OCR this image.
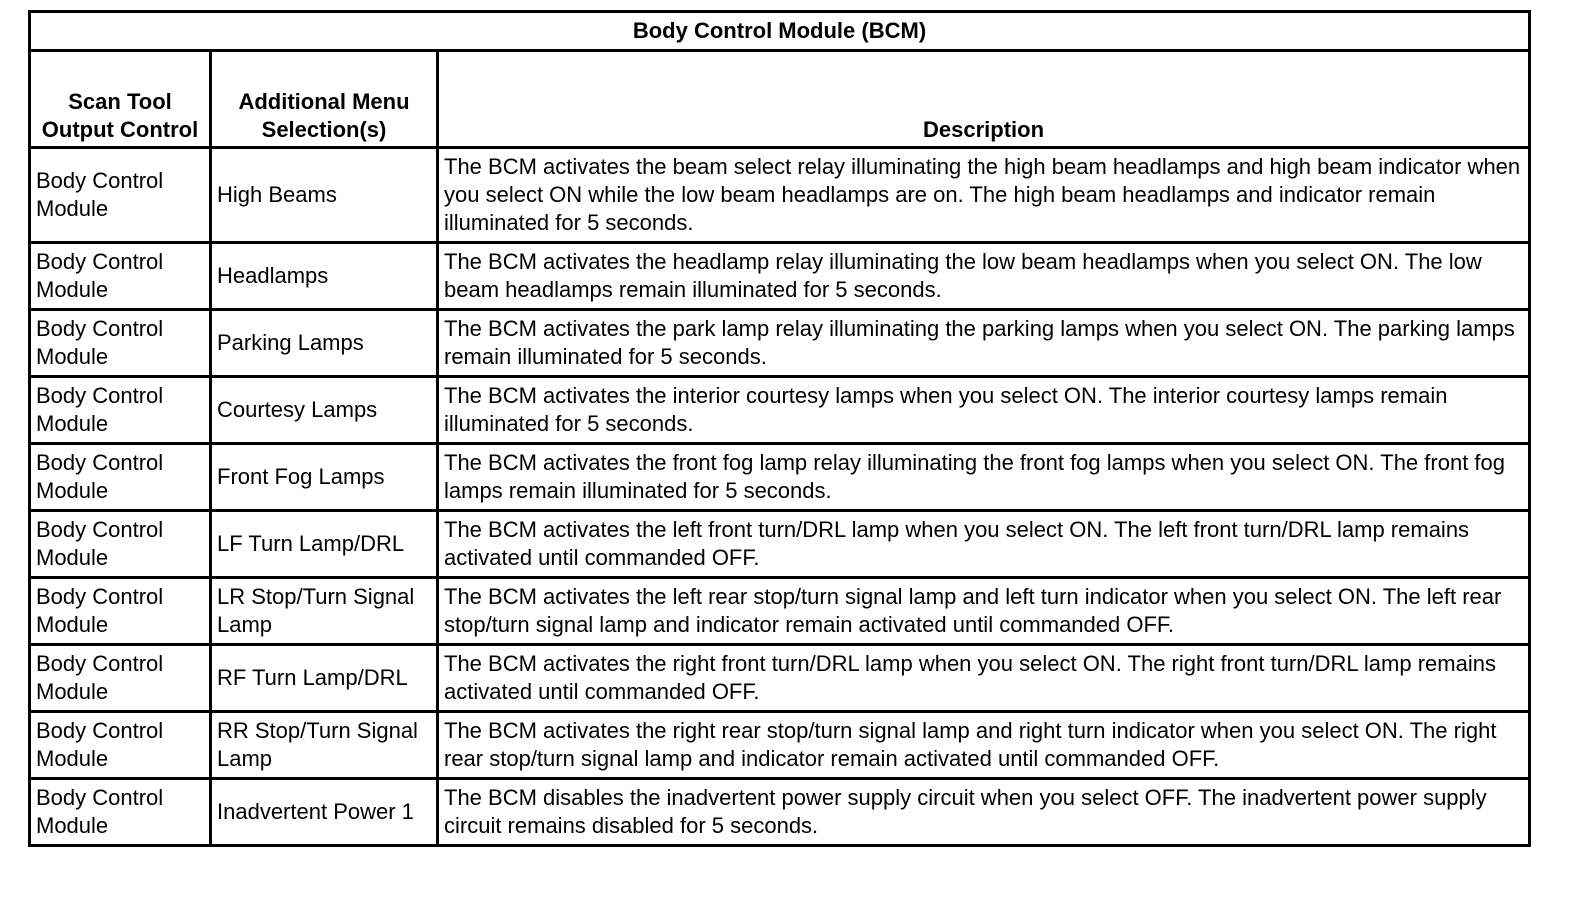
Body Control Module (BCM)		
Scan Tool Output Control	Additional Menu Selection(s)	Description
Body Control Module	High Beams	The BCM activates the beam select relay illuminating the high beam headlamps and high beam indicator when you select ON while the low beam headlamps are on. The high beam headlamps and indicator remain illuminated for 5 seconds.
Body Control Module	Headlamps	The BCM activates the headlamp relay illuminating the low beam headlamps when you select ON. The low beam headlamps remain illuminated for 5 seconds.
Body Control Module	Parking Lamps	The BCM activates the park lamp relay illuminating the parking lamps when you select ON. The parking lamps remain illuminated for 5 seconds.
Body Control Module	Courtesy Lamps	The BCM activates the interior courtesy lamps when you select ON. The interior courtesy lamps remain illuminated for 5 seconds.
Body Control Module	Front Fog Lamps	The BCM activates the front fog lamp relay illuminating the front fog lamps when you select ON. The front fog lamps remain illuminated for 5 seconds.
Body Control Module	LF Turn Lamp/DRL	The BCM activates the left front turn/DRL lamp when you select ON. The left front turn/DRL lamp remains activated until commanded OFF.
Body Control Module	LR Stop/Turn Signal Lamp	The BCM activates the left rear stop/turn signal lamp and left turn indicator when you select ON. The left rear stop/turn signal lamp and indicator remain activated until commanded OFF.
Body Control Module	RF Turn Lamp/DRL	The BCM activates the right front turn/DRL lamp when you select ON. The right front turn/DRL lamp remains activated until commanded OFF.
Body Control Module	RR Stop/Turn Signal Lamp	The BCM activates the right rear stop/turn signal lamp and right turn indicator when you select ON. The right rear stop/turn signal lamp and indicator remain activated until commanded OFF.
Body Control Module	Inadvertent Power 1	The BCM disables the inadvertent power supply circuit when you select OFF. The inadvertent power supply circuit remains disabled for 5 seconds.
